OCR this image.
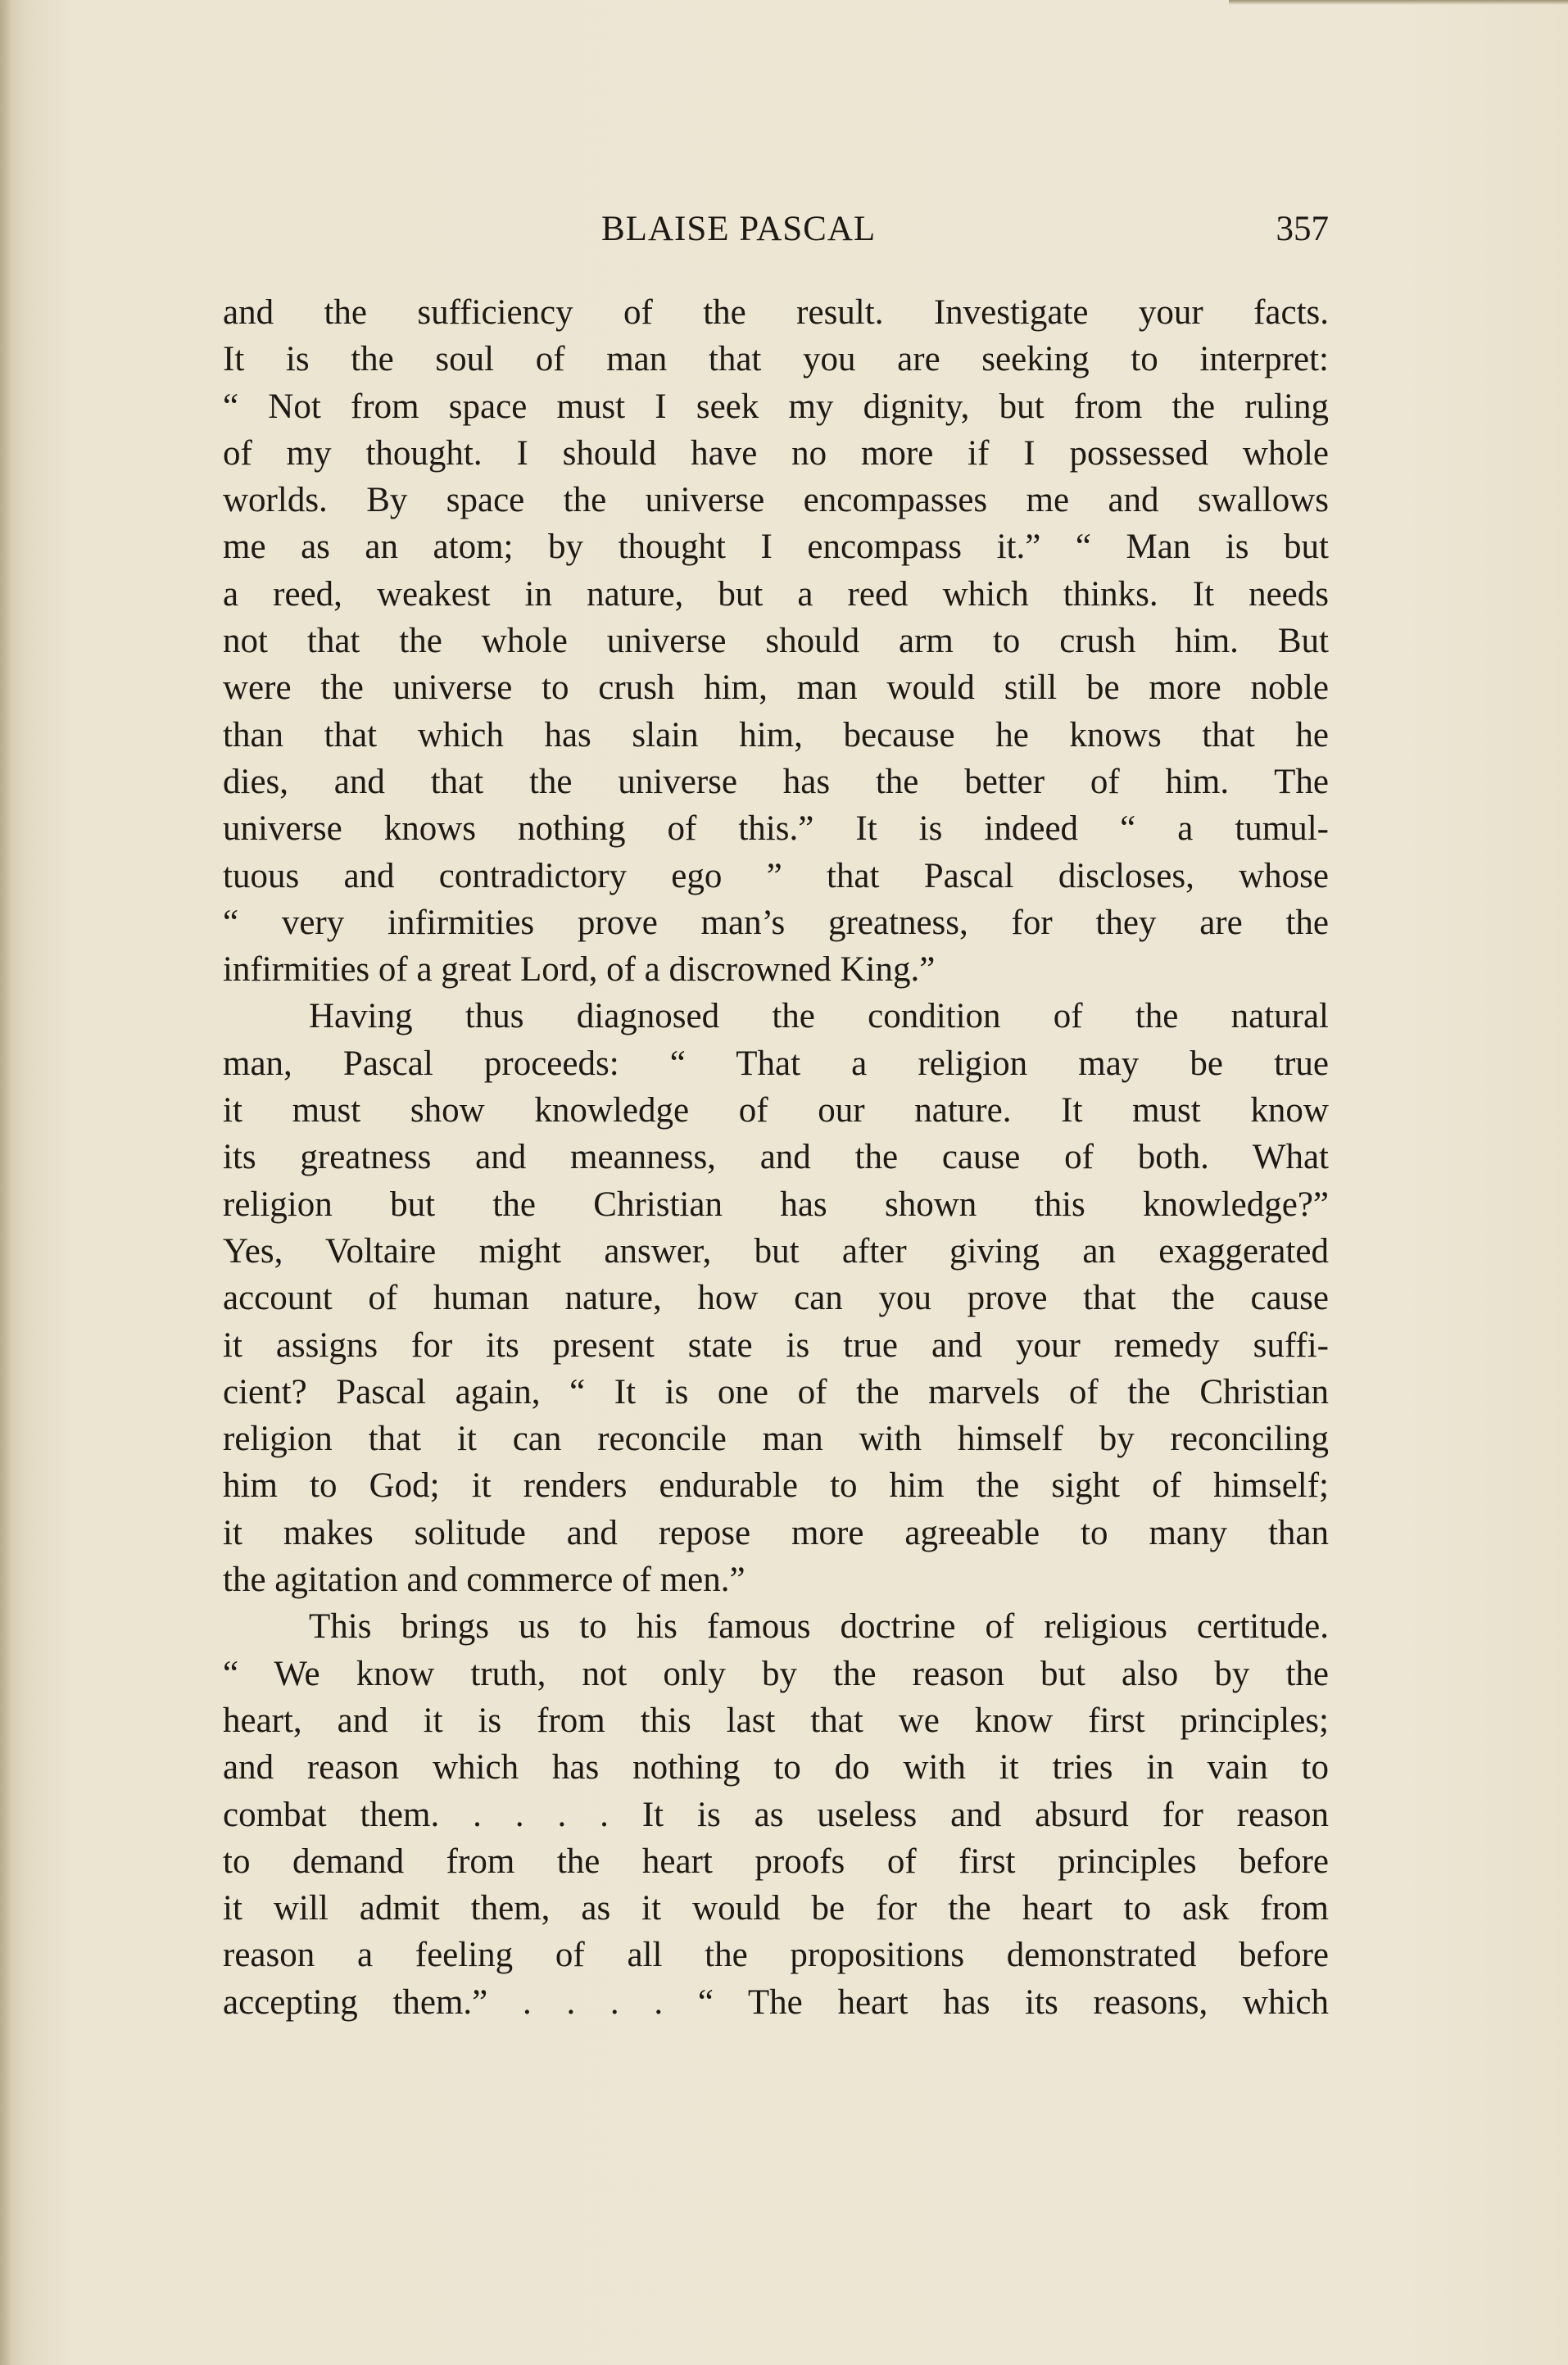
BLAISE PASCAL	357
and the sufficiency of the result. Investigate your facts.
It is the soul of man that you are seeking to interpret:
“ Not from space must I seek my dignity, but from the ruling
of my thought. I should have no more if I possessed whole
worlds. By space the universe encompasses me and swallows
me as an atom; by thought I encompass it.” “ Man is but
a reed, weakest in nature, but a reed which thinks. It needs
not that the whole universe should arm to crush him. But
were the universe to crush him, man would still be more noble
than that which has slain him, because he knows that he
dies, and that the universe has the better of him. The
universe knows nothing of this.” It is indeed “ a tumul-
tuous and contradictory ego ” that Pascal discloses, whose
“ very infirmities prove man’s greatness, for they are the
infirmities of a great Lord, of a discrowned King.”
Having thus diagnosed the condition of the natural
man, Pascal proceeds: “ That a religion may be true
it must show knowledge of our nature. It must know
its greatness and meanness, and the cause of both. What
religion but the Christian has shown this knowledge?”
Yes, Voltaire might answer, but after giving an exaggerated
account of human nature, how can you prove that the cause
it assigns for its present state is true and your remedy suffi-
cient? Pascal again, “ It is one of the marvels of the Christian
religion that it can reconcile man with himself by reconciling
him to God; it renders endurable to him the sight of himself;
it makes solitude and repose more agreeable to many than
the agitation and commerce of men.”
This brings us to his famous doctrine of religious certitude.
“ We know truth, not only by the reason but also by the
heart, and it is from this last that we know first principles;
and reason which has nothing to do with it tries in vain to
combat them. . . . . It is as useless and absurd for reason
to demand from the heart proofs of first principles before
it will admit them, as it would be for the heart to ask from
reason a feeling of all the propositions demonstrated before
accepting them.” . . . . “ The heart has its reasons, which
